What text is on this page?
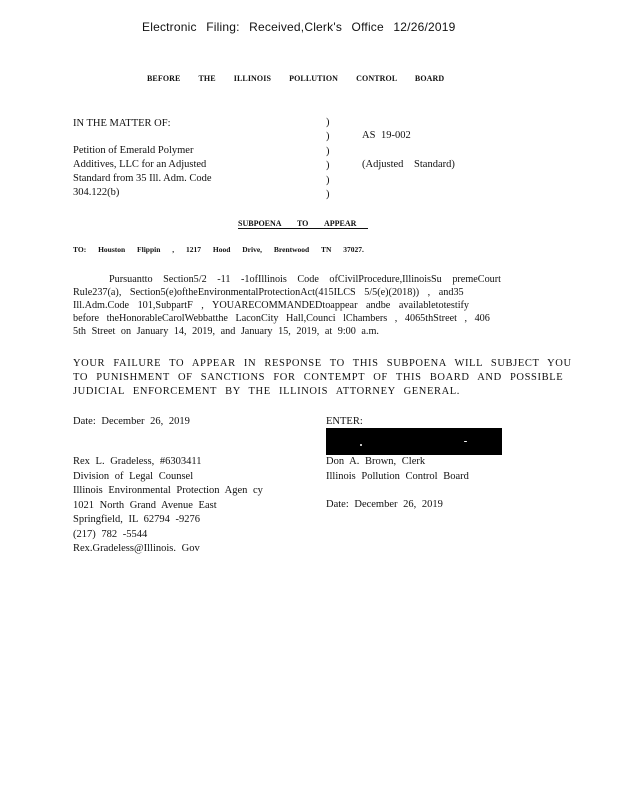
Electronic Filing: Received,Clerk's Office 12/26/2019
BEFORE THE ILLINOIS POLLUTION CONTROL BOARD
IN THE MATTER OF:
Petition of Emerald Polymer
Additives, LLC for an Adjusted
Standard from 35 Ill. Adm. Code
304.122(b)
)
)
)
)
)
)
AS 19-002
(Adjusted Standard)
SUBPOENA TO APPEAR
TO: Houston Flippin , 1217 Hood Drive, Brentwood TN 37027.
Pursuantto Section5/2 -11 -1ofIllinois Code ofCivilProcedure,IllinoisSu premeCourt
Rule237(a), Section5(e)oftheEnvironmentalProtectionAct(415ILCS 5/5(e)(2018)) , and35
Ill.Adm.Code 101,SubpartF , YOUARECOMMANDEDtoappear andbe availabletotestify
before theHonorableCarolWebbatthe LaconCity Hall,Counci lChambers , 4065thStreet , 406
5th Street on January 14, 2019, and January 15, 2019, at 9:00 a.m.
YOUR FAILURE TO APPEAR IN RESPONSE TO THIS SUBPOENA WILL SUBJECT YOU
TO PUNISHMENT OF SANCTIONS FOR CONTEMPT OF THIS BOARD AND POSSIBLE
JUDICIAL ENFORCEMENT BY THE ILLINOIS ATTORNEY GENERAL.
Date: December 26, 2019	ENTER:
Rex L. Gradeless, #6303411
Division of Legal Counsel
Illinois Environmental Protection Agen cy
1021 North Grand Avenue East
Springfield, IL 62794 -9276
(217) 782 -5544
Rex.Gradeless@Illinois. Gov
Don A. Brown, Clerk
Illinois Pollution Control Board
Date: December 26, 2019
